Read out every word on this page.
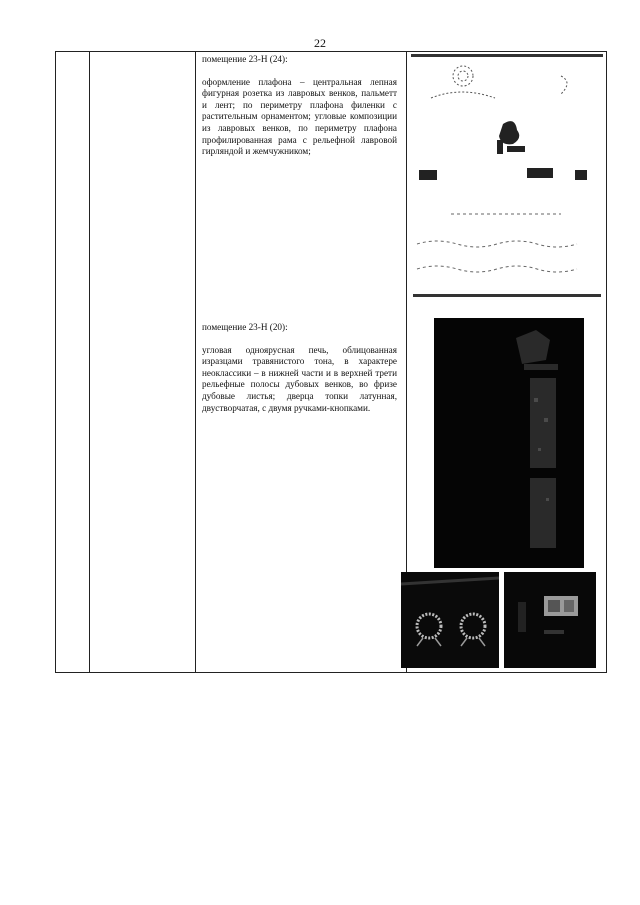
22

помещение 23-Н (24):

оформление плафона – центральная лепная фигурная розетка из лавровых венков, пальметт и лент; по периметру плафона филенки с растительным орнаментом; угловые композиции из лавровых венков, по периметру плафона профилированная рама с рельефной лавровой гирляндой и жемчужником;

помещение 23-Н (20):

угловая одноярусная печь, облицованная изразцами травянистого тона, в характере неоклассики – в нижней части и в верхней трети рельефные полосы дубовых венков, во фризе дубовые листья; дверца топки латунная, двустворчатая, с двумя ручками-кнопками.
